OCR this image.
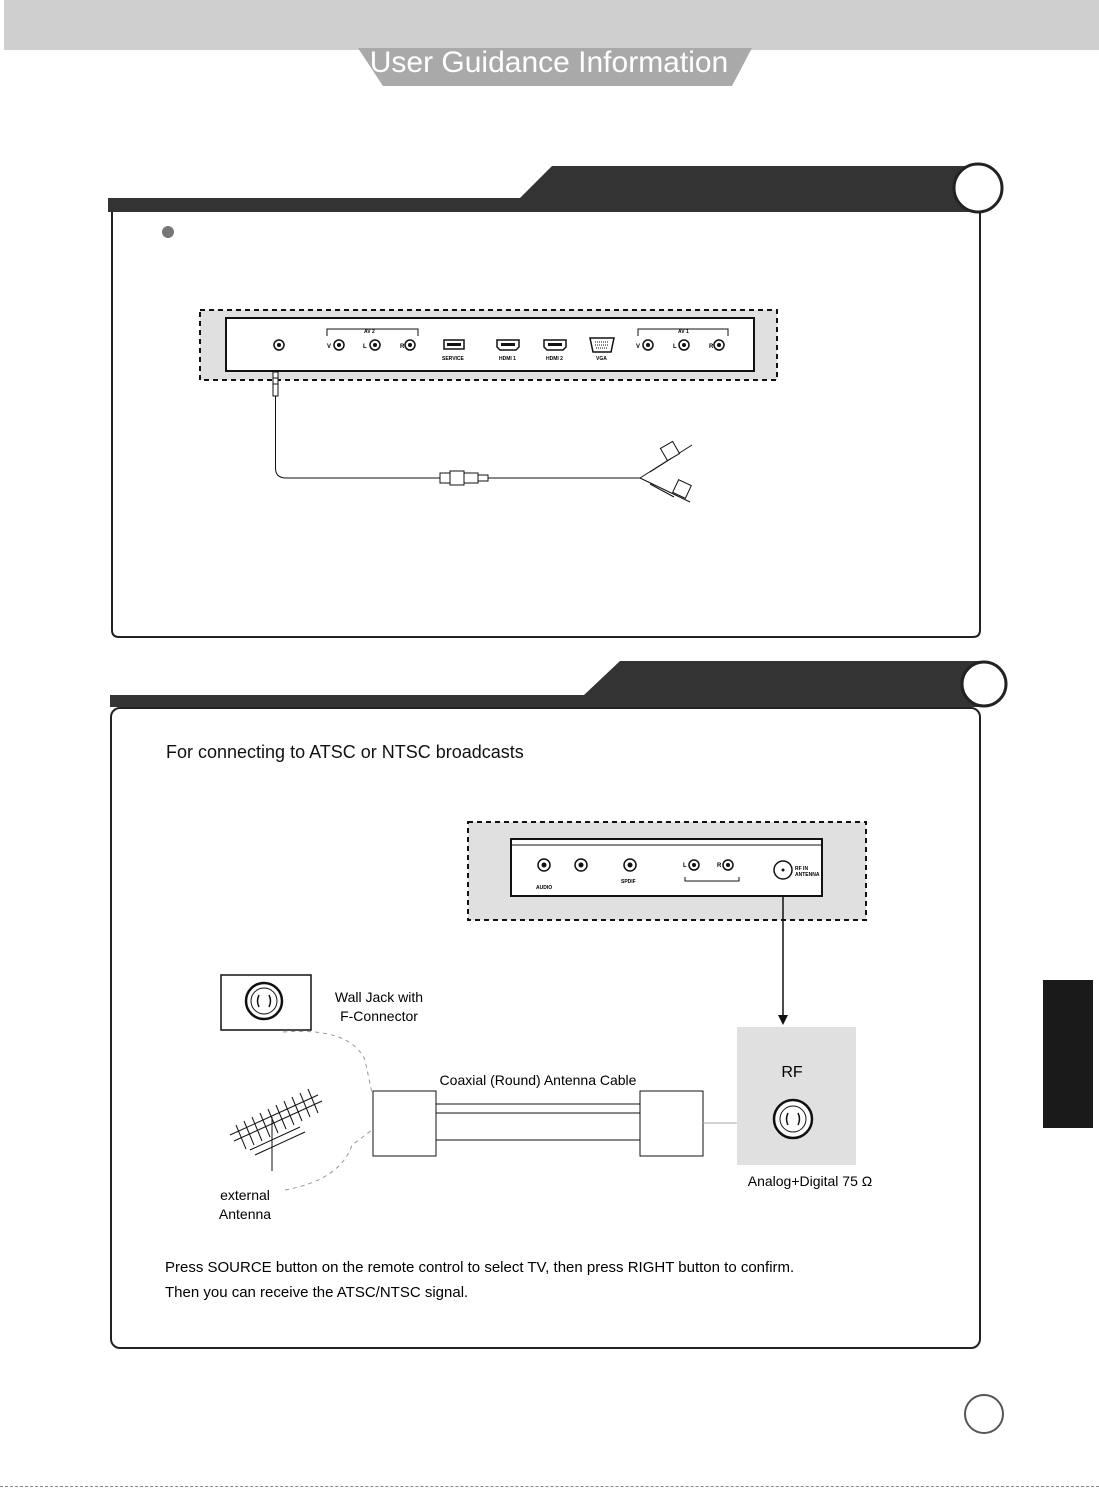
User Guidance Information
AV 2	AV 1
V	L	R
SERVICE	HDMI 1	HDMI 2	VGA
V	L	R
For connecting to ATSC or NTSC broadcasts
AUDIO
SPDIF
L	R	RF IN
ANTENNA
Wall Jack with
F-Connector
external
Antenna
Coaxial (Round) Antenna Cable	RF
Analog+Digital 75 Ω
Press SOURCE button on the remote control to select TV, then press RIGHT button to confirm.
Then you can receive the ATSC/NTSC signal.
